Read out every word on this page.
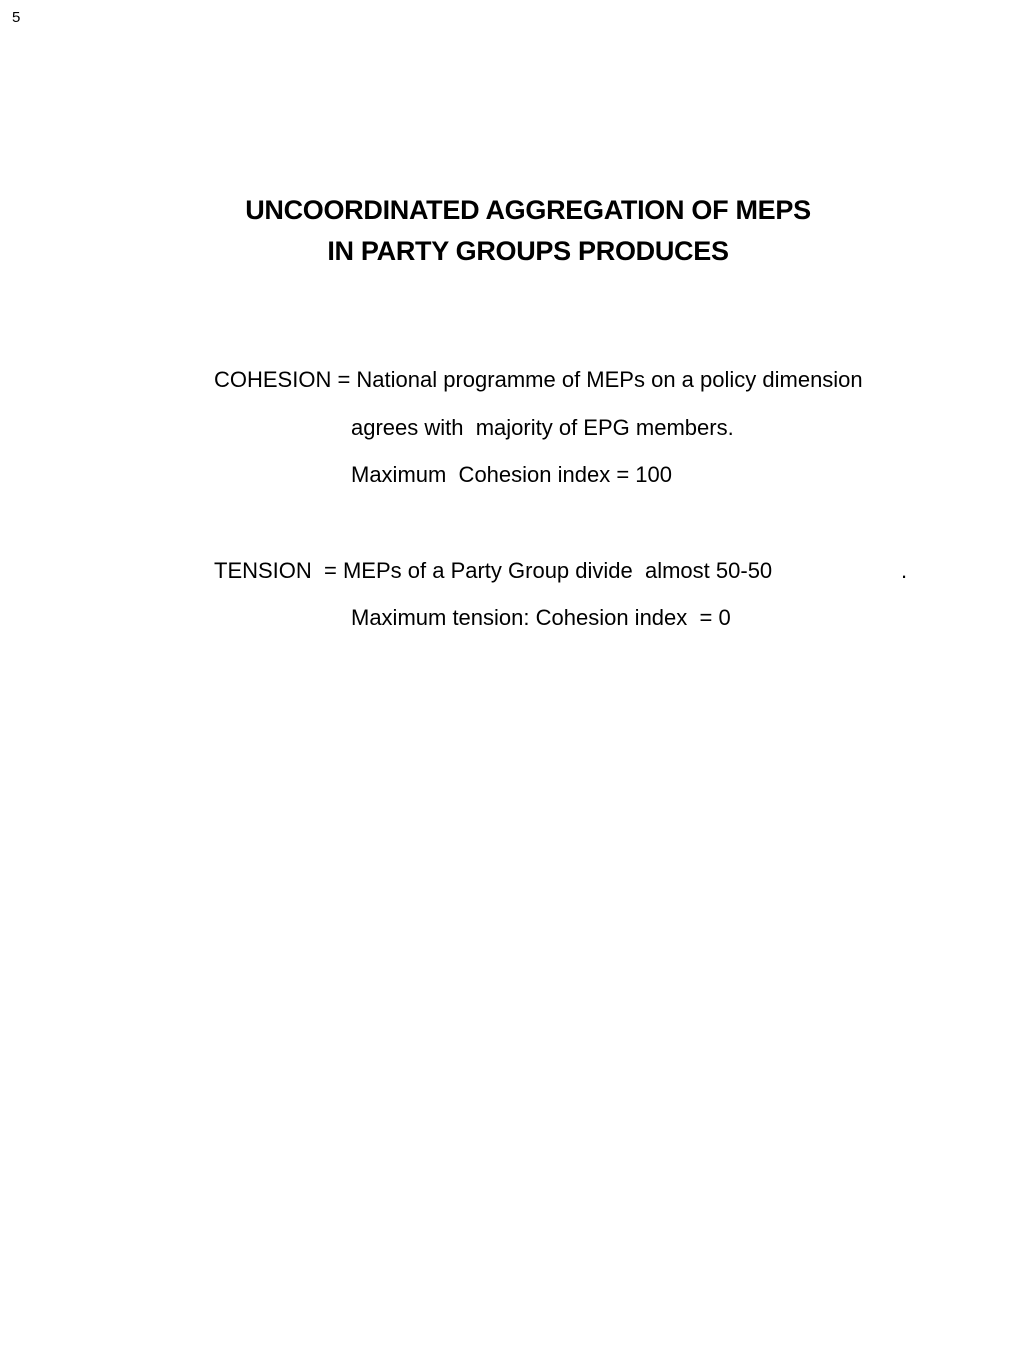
5
UNCOORDINATED AGGREGATION OF MEPS
IN PARTY GROUPS PRODUCES
COHESION = National programme of MEPs on a policy dimension
agrees with  majority of EPG members.
Maximum  Cohesion index = 100
TENSION  = MEPs of a Party Group divide  almost 50-50	.
Maximum tension: Cohesion index  = 0
